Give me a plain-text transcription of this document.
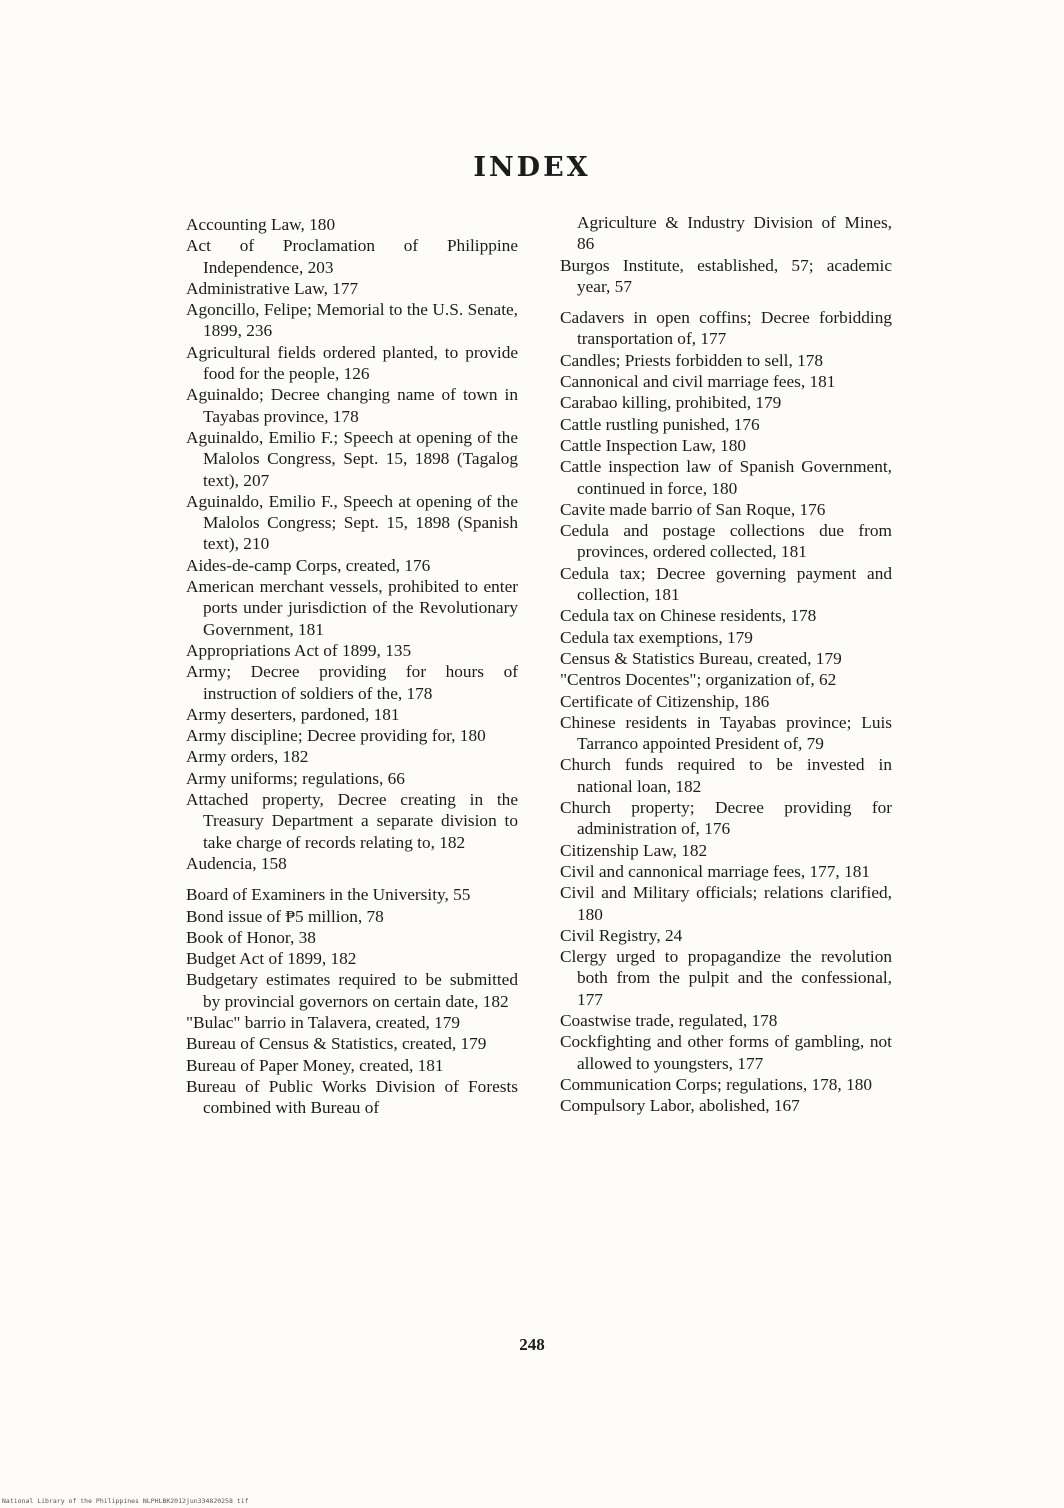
INDEX

Accounting Law, 180

Act of Proclamation of Philippine Independence, 203

Administrative Law, 177

Agoncillo, Felipe; Memorial to the U.S. Senate, 1899, 236

Agricultural fields ordered planted, to provide food for the people, 126

Aguinaldo; Decree changing name of town in Tayabas province, 178

Aguinaldo, Emilio F.; Speech at opening of the Malolos Congress, Sept. 15, 1898 (Tagalog text), 207

Aguinaldo, Emilio F., Speech at opening of the Malolos Congress; Sept. 15, 1898 (Spanish text), 210

Aides-de-camp Corps, created, 176

American merchant vessels, prohibited to enter ports under jurisdiction of the Revolutionary Government, 181

Appropriations Act of 1899, 135

Army; Decree providing for hours of instruction of soldiers of the, 178

Army deserters, pardoned, 181

Army discipline; Decree providing for, 180

Army orders, 182

Army uniforms; regulations, 66

Attached property, Decree creating in the Treasury Department a separate division to take charge of records relating to, 182

Audencia, 158

Board of Examiners in the University, 55

Bond issue of ₱5 million, 78

Book of Honor, 38

Budget Act of 1899, 182

Budgetary estimates required to be submitted by provincial governors on certain date, 182

"Bulac" barrio in Talavera, created, 179

Bureau of Census & Statistics, created, 179

Bureau of Paper Money, created, 181

Bureau of Public Works Division of Forests combined with Bureau of

Agriculture & Industry Division of Mines, 86

Burgos Institute, established, 57; academic year, 57

Cadavers in open coffins; Decree forbidding transportation of, 177

Candles; Priests forbidden to sell, 178

Cannonical and civil marriage fees, 181

Carabao killing, prohibited, 179

Cattle rustling punished, 176

Cattle Inspection Law, 180

Cattle inspection law of Spanish Government, continued in force, 180

Cavite made barrio of San Roque, 176

Cedula and postage collections due from provinces, ordered collected, 181

Cedula tax; Decree governing payment and collection, 181

Cedula tax on Chinese residents, 178

Cedula tax exemptions, 179

Census & Statistics Bureau, created, 179

"Centros Docentes"; organization of, 62

Certificate of Citizenship, 186

Chinese residents in Tayabas province; Luis Tarranco appointed President of, 79

Church funds required to be invested in national loan, 182

Church property; Decree providing for administration of, 176

Citizenship Law, 182

Civil and cannonical marriage fees, 177, 181

Civil and Military officials; relations clarified, 180

Civil Registry, 24

Clergy urged to propagandize the revolution both from the pulpit and the confessional, 177

Coastwise trade, regulated, 178

Cockfighting and other forms of gambling, not allowed to youngsters, 177

Communication Corps; regulations, 178, 180

Compulsory Labor, abolished, 167

248
National Library of the Philippines NLPHLBK2012jun334820258 tif
